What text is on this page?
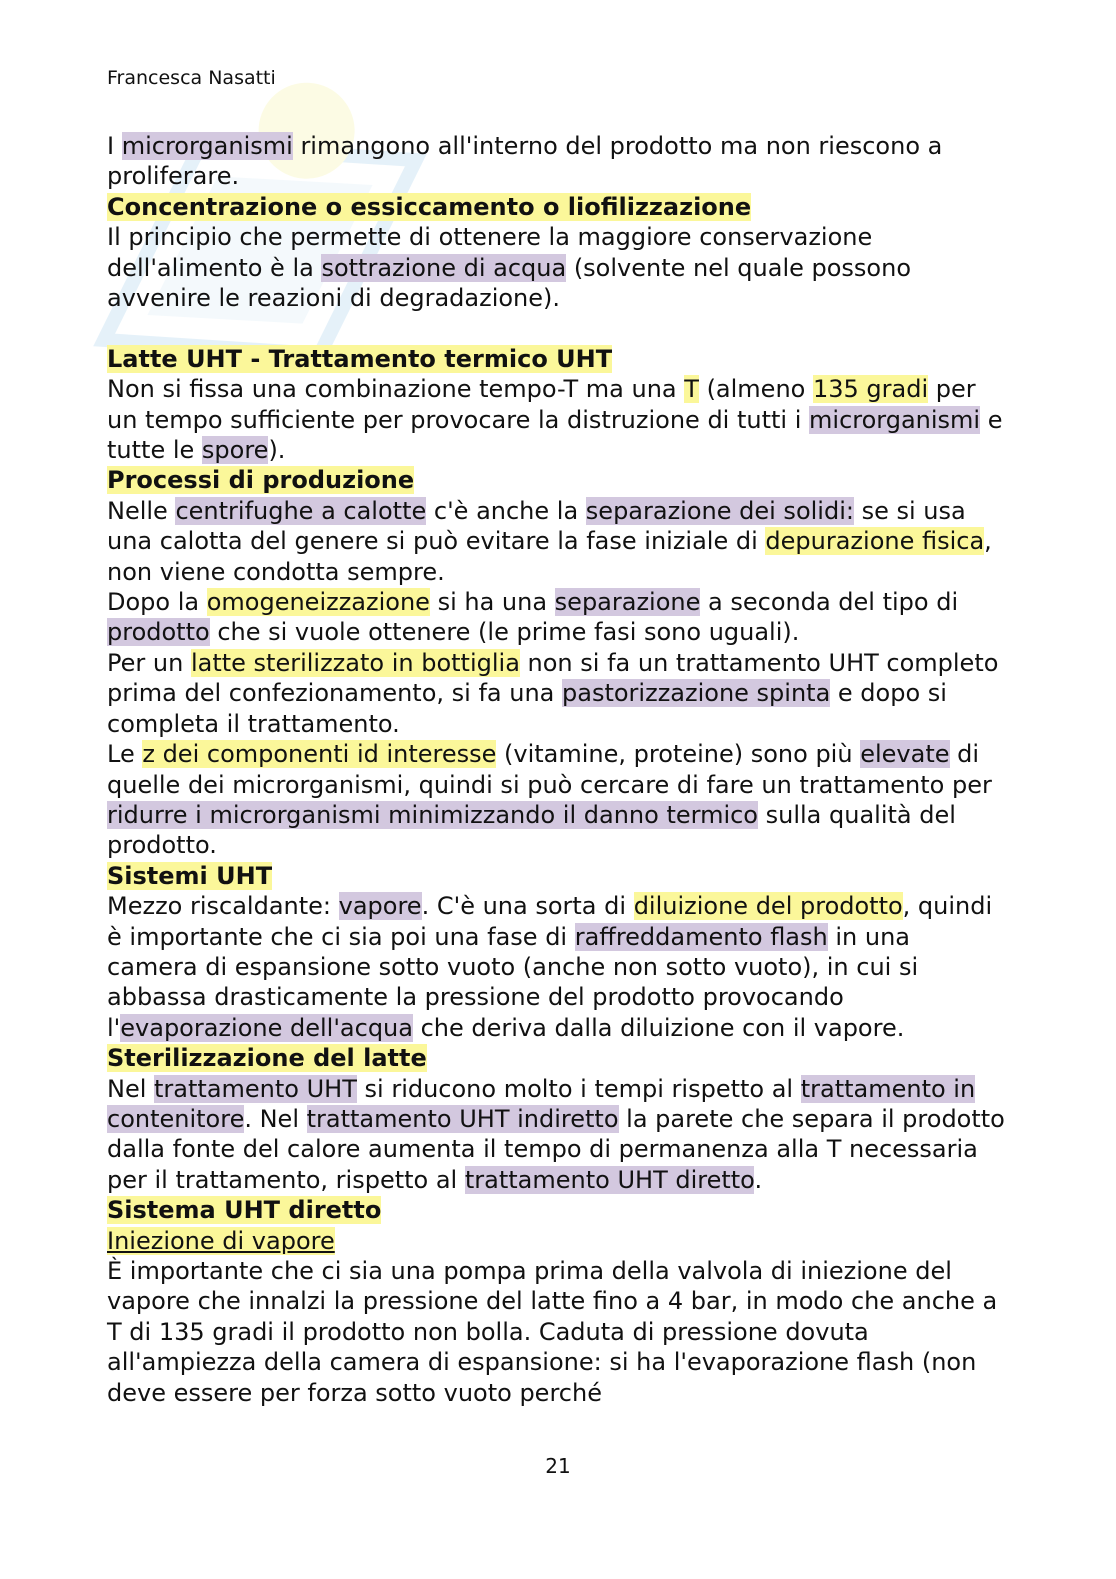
Francesca Nasatti

I microrganismi rimangono all'interno del prodotto ma non riescono a proliferare.

Concentrazione o essiccamento o liofilizzazione

Il principio che permette di ottenere la maggiore conservazione dell'alimento è la sottrazione di acqua (solvente nel quale possono avvenire le reazioni di degradazione).

Latte UHT - Trattamento termico UHT

Non si fissa una combinazione tempo-T ma una T (almeno 135 gradi per un tempo sufficiente per provocare la distruzione di tutti i microrganismi e tutte le spore).

Processi di produzione

Nelle centrifughe a calotte c'è anche la separazione dei solidi: se si usa una calotta del genere si può evitare la fase iniziale di depurazione fisica, non viene condotta sempre.

Dopo la omogeneizzazione si ha una separazione a seconda del tipo di prodotto che si vuole ottenere (le prime fasi sono uguali).

Per un latte sterilizzato in bottiglia non si fa un trattamento UHT completo prima del confezionamento, si fa una pastorizzazione spinta e dopo si completa il trattamento.

Le z dei componenti id interesse (vitamine, proteine) sono più elevate di quelle dei microrganismi, quindi si può cercare di fare un trattamento per ridurre i microrganismi minimizzando il danno termico sulla qualità del prodotto.

Sistemi UHT

Mezzo riscaldante: vapore. C'è una sorta di diluizione del prodotto, quindi è importante che ci sia poi una fase di raffreddamento flash in una camera di espansione sotto vuoto (anche non sotto vuoto), in cui si abbassa drasticamente la pressione del prodotto provocando l'evaporazione dell'acqua che deriva dalla diluizione con il vapore.

Sterilizzazione del latte

Nel trattamento UHT si riducono molto i tempi rispetto al trattamento in contenitore. Nel trattamento UHT indiretto la parete che separa il prodotto dalla fonte del calore aumenta il tempo di permanenza alla T necessaria per il trattamento, rispetto al trattamento UHT diretto.

Sistema UHT diretto

Iniezione di vapore

È importante che ci sia una pompa prima della valvola di iniezione del vapore che innalzi la pressione del latte fino a 4 bar, in modo che anche a T di 135 gradi il prodotto non bolla. Caduta di pressione dovuta all'ampiezza della camera di espansione: si ha l'evaporazione flash (non deve essere per forza sotto vuoto perché

21
